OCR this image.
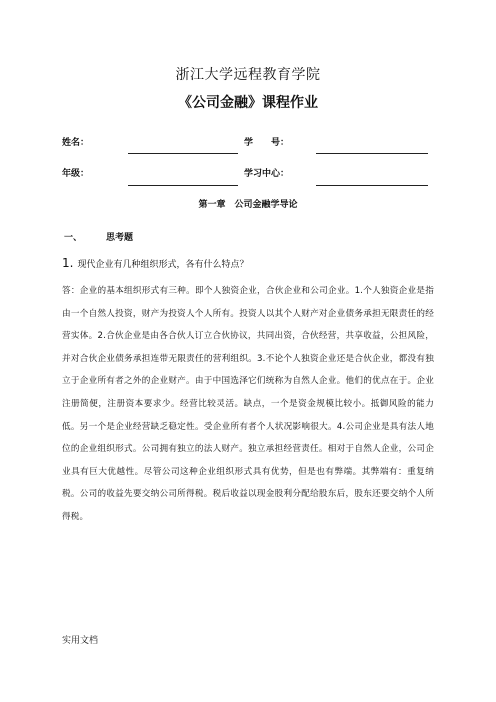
浙江大学远程教育学院
《公司金融》课程作业
姓名：	学　　号：
年级：	学习中心：
第一章　公司金融学导论
一、	思考题
1. 现代企业有几种组织形式，各有什么特点？
答：企业的基本组织形式有三种。即个人独资企业，合伙企业和公司企业。1.个人独资企业是指由一个自然人投资，财产为投资人个人所有。投资人以其个人财产对企业债务承担无限责任的经营实体。2.合伙企业是由各合伙人订立合伙协议，共同出资，合伙经营，共享收益，公担风险，并对合伙企业债务承担连带无限责任的营利组织。3.不论个人独资企业还是合伙企业，都没有独立于企业所有者之外的企业财产。由于中国选泽它们统称为自然人企业。他们的优点在于。企业注册简便，注册资本要求少。经营比较灵活。缺点，一个是资金规模比较小。抵御风险的能力低。另一个是企业经营缺乏稳定性。受企业所有者个人状况影响很大。4.公司企业是具有法人地位的企业组织形式。公司拥有独立的法人财产。独立承担经营责任。相对于自然人企业，公司企业具有巨大优越性。尽管公司这种企业组织形式具有优势，但是也有弊端。其弊端有：重复纳税。公司的收益先要交纳公司所得税。税后收益以现金股利分配给股东后，股东还要交纳个人所得税。
实用文档
